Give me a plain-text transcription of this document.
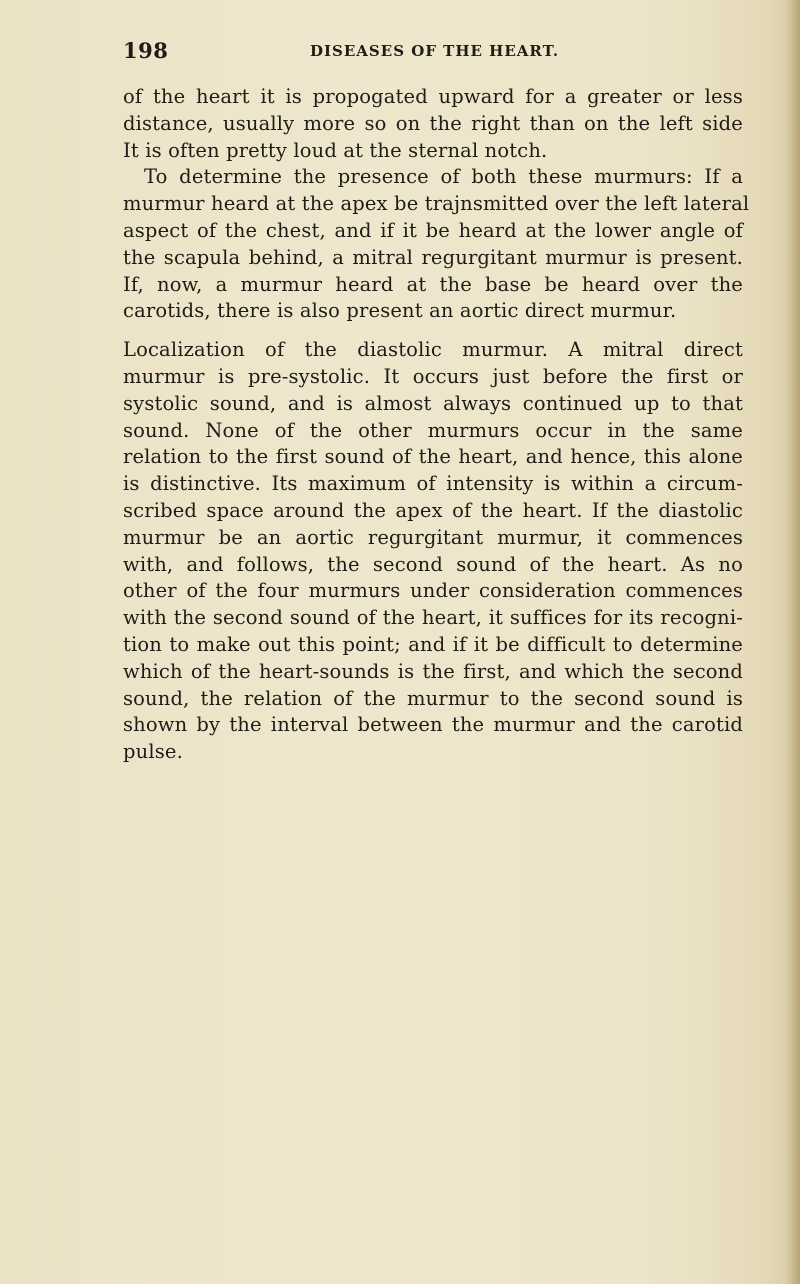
198	DISEASES OF THE HEART.
of the heart it is propogated upward for a greater or less
distance, usually more so on the right than on the left side
It is often pretty loud at the sternal notch.
To determine the presence of both these murmurs: If a
murmur heard at the apex be trajnsmitted over the left lateral
aspect of the chest, and if it be heard at the lower angle of
the scapula behind, a mitral regurgitant murmur is present.
If, now, a murmur heard at the base be heard over the
carotids, there is also present an aortic direct murmur.
Localization of the diastolic murmur. A mitral direct
murmur is pre-systolic. It occurs just before the first or
systolic sound, and is almost always continued up to that
sound. None of the other murmurs occur in the same
relation to the first sound of the heart, and hence, this alone
is distinctive. Its maximum of intensity is within a circum-
scribed space around the apex of the heart. If the diastolic
murmur be an aortic regurgitant murmur, it commences
with, and follows, the second sound of the heart. As no
other of the four murmurs under consideration commences
with the second sound of the heart, it suffices for its recogni-
tion to make out this point; and if it be difficult to determine
which of the heart-sounds is the first, and which the second
sound, the relation of the murmur to the second sound is
shown by the interval between the murmur and the carotid
pulse.
